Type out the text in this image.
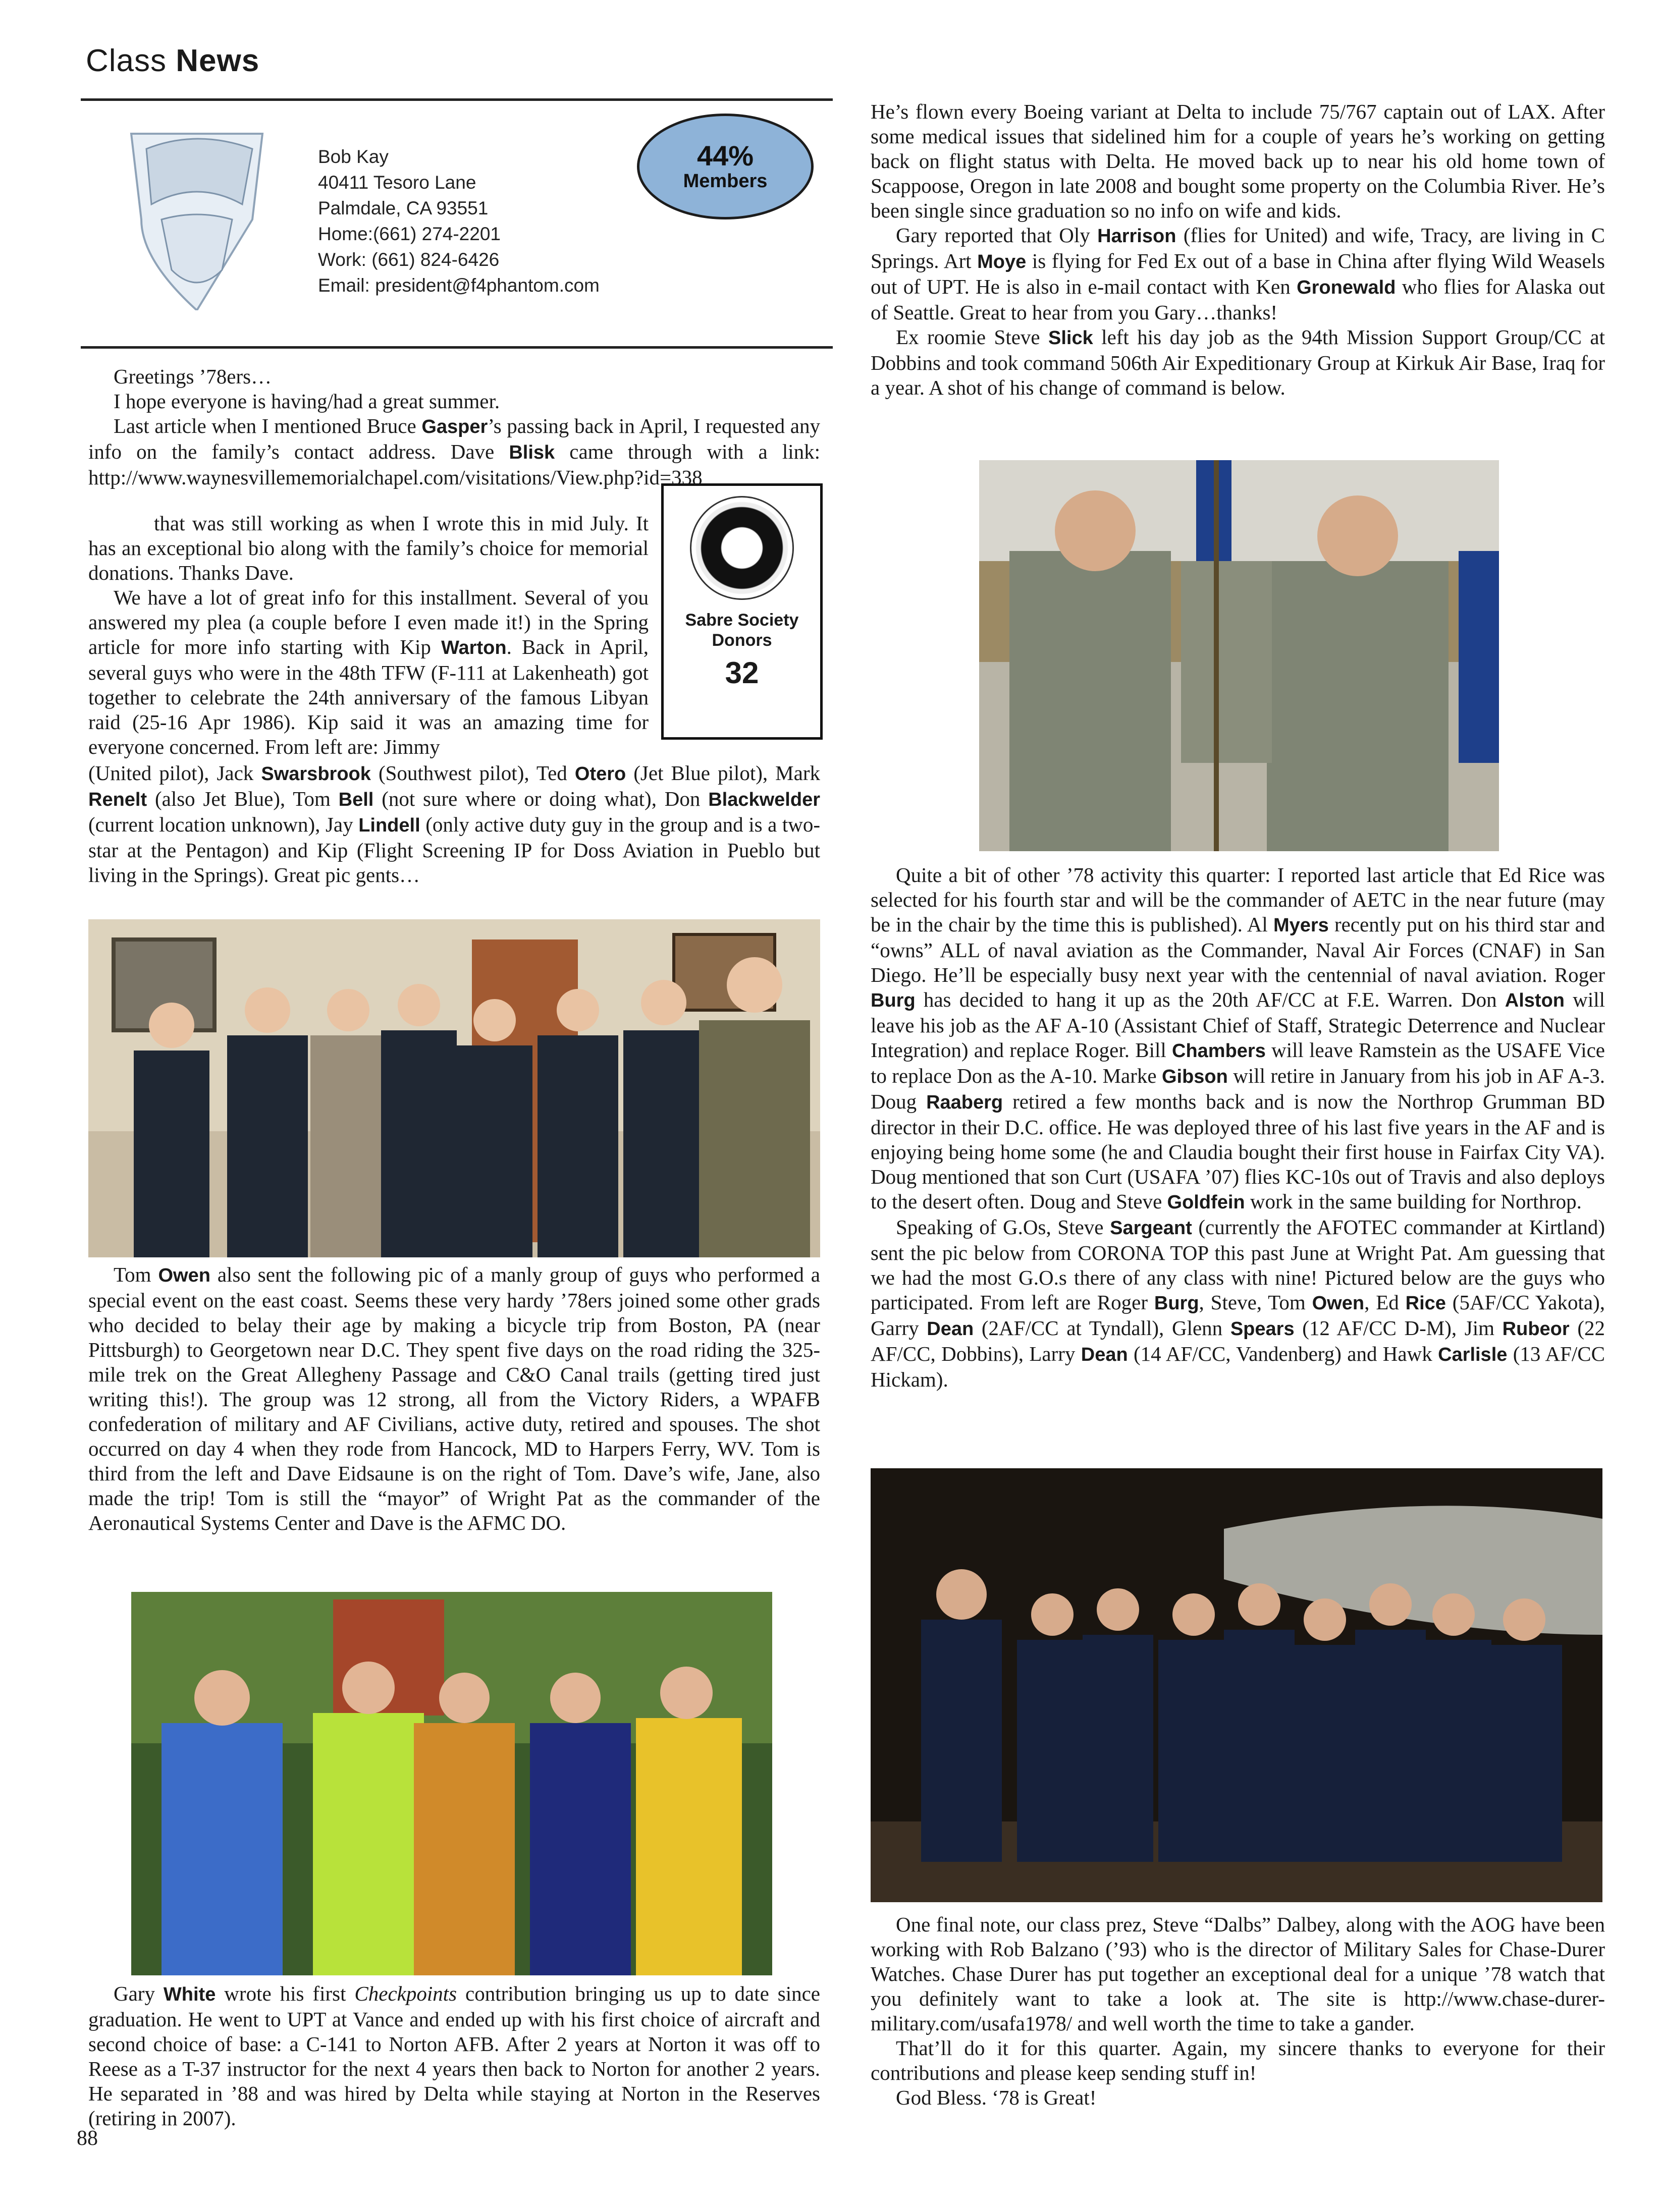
Class News
Bob Kay
40411 Tesoro Lane
Palmdale, CA 93551
Home:(661) 274-2201
Work: (661) 824-6426
Email: president@f4phantom.com
44%
Members
Sabre Society Donors
32

Greetings ’78ers…

I hope everyone is having/had a great summer.

Last article when I mentioned Bruce Gasper’s passing back in April, I requested any info on the family’s contact address. Dave Blisk came through with a link: http://www.waynesvillememorialchapel.com/visitations/View.php?id=338

that was still working as when I wrote this in mid July. It has an exceptional bio along with the family’s choice for memorial donations. Thanks Dave.

We have a lot of great info for this installment. Several of you answered my plea (a couple before I even made it!) in the Spring article for more info starting with Kip Warton. Back in April, several guys who were in the 48th TFW (F-111 at Lakenheath) got together to celebrate the 24th anniversary of the famous Libyan raid (25-16 Apr 1986). Kip said it was an amazing time for everyone concerned. From left are: Jimmy

(United pilot), Jack Swarsbrook (Southwest pilot), Ted Otero (Jet Blue pilot), Mark Renelt (also Jet Blue), Tom Bell (not sure where or doing what), Don Blackwelder (current location unknown), Jay Lindell (only active duty guy in the group and is a two-star at the Pentagon) and Kip (Flight Screening IP for Doss Aviation in Pueblo but living in the Springs). Great pic gents…

Tom Owen also sent the following pic of a manly group of guys who performed a special event on the east coast. Seems these very hardy ’78ers joined some other grads who decided to belay their age by making a bicycle trip from Boston, PA (near Pittsburgh) to Georgetown near D.C. They spent five days on the road riding the 325-mile trek on the Great Allegheny Passage and C&O Canal trails (getting tired just writing this!). The group was 12 strong, all from the Victory Riders, a WPAFB confederation of military and AF Civilians, active duty, retired and spouses. The shot occurred on day 4 when they rode from Hancock, MD to Harpers Ferry, WV. Tom is third from the left and Dave Eidsaune is on the right of Tom. Dave’s wife, Jane, also made the trip! Tom is still the “mayor” of Wright Pat as the commander of the Aeronautical Systems Center and Dave is the AFMC DO.

Gary White wrote his first Checkpoints contribution bringing us up to date since graduation. He went to UPT at Vance and ended up with his first choice of aircraft and second choice of base: a C-141 to Norton AFB. After 2 years at Norton it was off to Reese as a T-37 instructor for the next 4 years then back to Norton for another 2 years. He separated in ’88 and was hired by Delta while staying at Norton in the Reserves (retiring in 2007).

He’s flown every Boeing variant at Delta to include 75/767 captain out of LAX. After some medical issues that sidelined him for a couple of years he’s working on getting back on flight status with Delta. He moved back up to near his old home town of Scappoose, Oregon in late 2008 and bought some property on the Columbia River. He’s been single since graduation so no info on wife and kids.

Gary reported that Oly Harrison (flies for United) and wife, Tracy, are living in C Springs. Art Moye is flying for Fed Ex out of a base in China after flying Wild Weasels out of UPT. He is also in e-mail contact with Ken Gronewald who flies for Alaska out of Seattle. Great to hear from you Gary…thanks!

Ex roomie Steve Slick left his day job as the 94th Mission Support Group/CC at Dobbins and took command 506th Air Expeditionary Group at Kirkuk Air Base, Iraq for a year. A shot of his change of command is below.

Quite a bit of other ’78 activity this quarter: I reported last article that Ed Rice was selected for his fourth star and will be the commander of AETC in the near future (may be in the chair by the time this is published). Al Myers recently put on his third star and “owns” ALL of naval aviation as the Commander, Naval Air Forces (CNAF) in San Diego. He’ll be especially busy next year with the centennial of naval aviation. Roger Burg has decided to hang it up as the 20th AF/CC at F.E. Warren. Don Alston will leave his job as the AF A-10 (Assistant Chief of Staff, Strategic Deterrence and Nuclear Integration) and replace Roger. Bill Chambers will leave Ramstein as the USAFE Vice to replace Don as the A-10. Marke Gibson will retire in January from his job in AF A-3. Doug Raaberg retired a few months back and is now the Northrop Grumman BD director in their D.C. office. He was deployed three of his last five years in the AF and is enjoying being home some (he and Claudia bought their first house in Fairfax City VA). Doug mentioned that son Curt (USAFA ’07) flies KC-10s out of Travis and also deploys to the desert often. Doug and Steve Goldfein work in the same building for Northrop.

Speaking of G.Os, Steve Sargeant (currently the AFOTEC commander at Kirtland) sent the pic below from CORONA TOP this past June at Wright Pat. Am guessing that we had the most G.O.s there of any class with nine! Pictured below are the guys who participated. From left are Roger Burg, Steve, Tom Owen, Ed Rice (5AF/CC Yakota), Garry Dean (2AF/CC at Tyndall), Glenn Spears (12 AF/CC D-M), Jim Rubeor (22 AF/CC, Dobbins), Larry Dean (14 AF/CC, Vandenberg) and Hawk Carlisle (13 AF/CC Hickam).

One final note, our class prez, Steve “Dalbs” Dalbey, along with the AOG have been working with Rob Balzano (’93) who is the director of Military Sales for Chase-Durer Watches. Chase Durer has put together an exceptional deal for a unique ’78 watch that you definitely want to take a look at. The site is http://www.chase-durer-military.com/usafa1978/ and well worth the time to take a gander.

That’ll do it for this quarter. Again, my sincere thanks to everyone for their contributions and please keep sending stuff in!

God Bless. ‘78 is Great!

88
